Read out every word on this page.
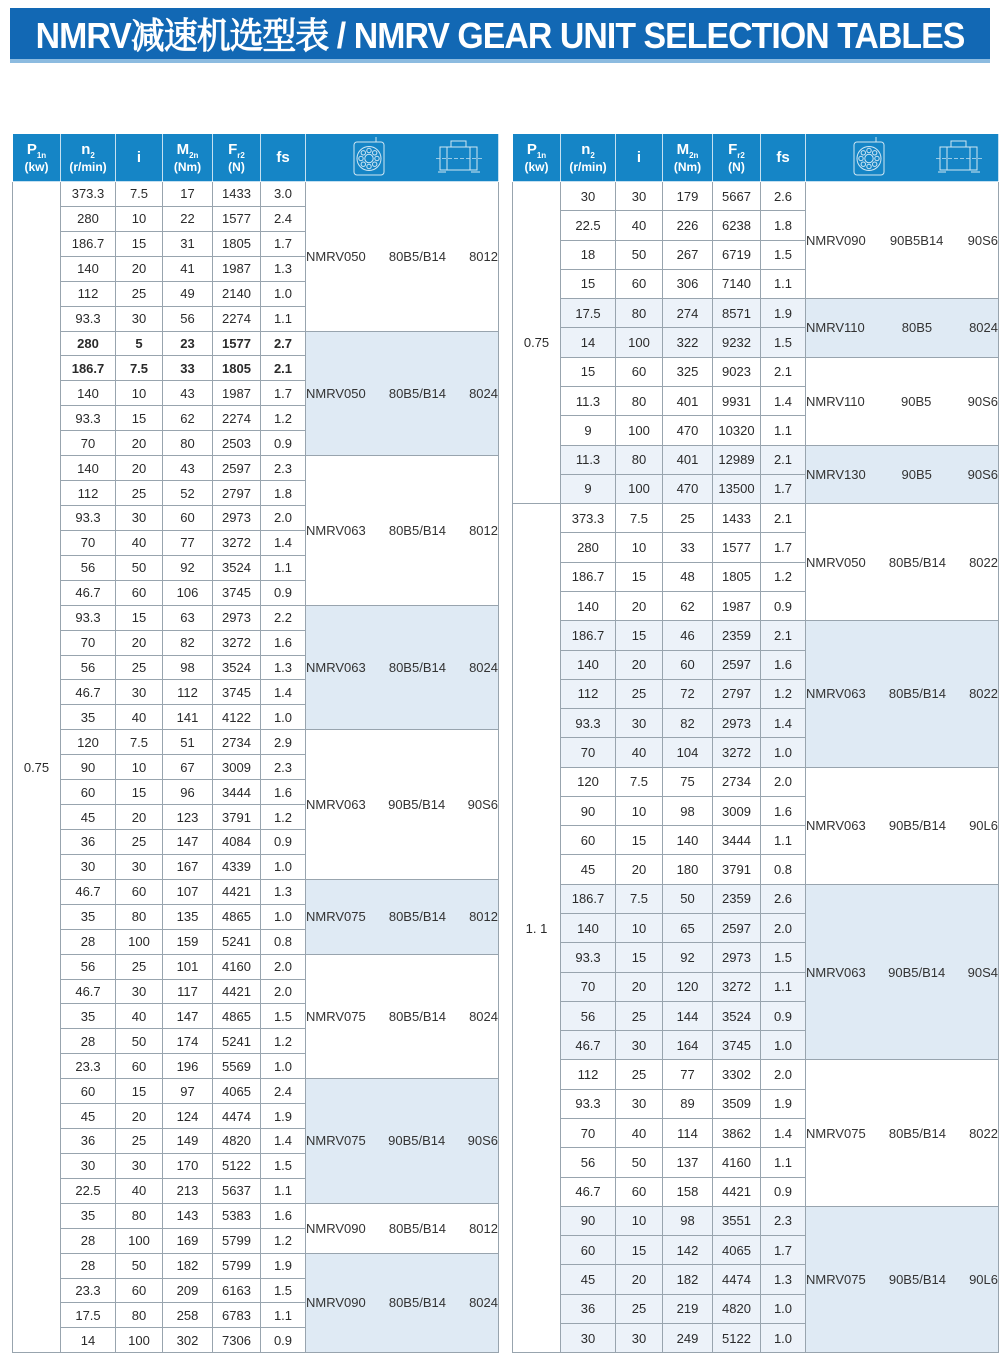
NMRV减速机选型表 / NMRV GEAR UNIT SELECTION TABLES
$P_{1n}$
(kw)

$n_2$
(r/min)

i	$M_{2n}$
(Nm)

$F_{r2}$
(N)

fs

0.75	373.3	7.5	17	1433	3.0	NMRV050 80B5/B14 8012

	280	10	22	1577	2.4	
	186.7	15	31	1805	1.7	
	140	20	41	1987	1.3	
	112	25	49	2140	1.0	
	93.3	30	56	2274	1.1	
	280	5	23	1577	2.7	NMRV050 80B5/B14 8024

	186.7	7.5	33	1805	2.1	
	140	10	43	1987	1.7	
	93.3	15	62	2274	1.2	
	70	20	80	2503	0.9	
	140	20	43	2597	2.3	NMRV063 80B5/B14 8012

	112	25	52	2797	1.8	
	93.3	30	60	2973	2.0	
	70	40	77	3272	1.4	
	56	50	92	3524	1.1	
	46.7	60	106	3745	0.9	
	93.3	15	63	2973	2.2	NMRV063 80B5/B14 8024

	70	20	82	3272	1.6	
	56	25	98	3524	1.3	
	46.7	30	112	3745	1.4	
	35	40	141	4122	1.0	
	120	7.5	51	2734	2.9	NMRV063 90B5/B14 90S6

	90	10	67	3009	2.3	
	60	15	96	3444	1.6	
	45	20	123	3791	1.2	
	36	25	147	4084	0.9	
	30	30	167	4339	1.0	
	46.7	60	107	4421	1.3	NMRV075 80B5/B14 8012

	35	80	135	4865	1.0	
	28	100	159	5241	0.8	
	56	25	101	4160	2.0	NMRV075 80B5/B14 8024

	46.7	30	117	4421	2.0	
	35	40	147	4865	1.5	
	28	50	174	5241	1.2	
	23.3	60	196	5569	1.0	
	60	15	97	4065	2.4	NMRV075 90B5/B14 90S6

	45	20	124	4474	1.9	
	36	25	149	4820	1.4	
	30	30	170	5122	1.5	
	22.5	40	213	5637	1.1	
	35	80	143	5383	1.6	NMRV090 80B5/B14 8012

	28	100	169	5799	1.2	
	28	50	182	5799	1.9	NMRV090 80B5/B14 8024

	23.3	60	209	6163	1.5	
	17.5	80	258	6783	1.1	
	14	100	302	7306	0.9	
$P_{1n}$
(kw)

$n_2$
(r/min)

i	$M_{2n}$
(Nm)

$F_{r2}$
(N)

fs

0.75	30	30	179	5667	2.6	NMRV090 90B5B14 90S6

	22.5	40	226	6238	1.8	
	18	50	267	6719	1.5	
	15	60	306	7140	1.1	
	17.5	80	274	8571	1.9	NMRV110 80B5 8024

	14	100	322	9232	1.5	
	15	60	325	9023	2.1	NMRV110 90B5 90S6

	11.3	80	401	9931	1.4	
	9	100	470	10320	1.1	
	11.3	80	401	12989	2.1	NMRV130 90B5 90S6

	9	100	470	13500	1.7	
1. 1	373.3	7.5	25	1433	2.1	NMRV050 80B5/B14 8022

	280	10	33	1577	1.7	
	186.7	15	48	1805	1.2	
	140	20	62	1987	0.9	
	186.7	15	46	2359	2.1	NMRV063 80B5/B14 8022

	140	20	60	2597	1.6	
	112	25	72	2797	1.2	
	93.3	30	82	2973	1.4	
	70	40	104	3272	1.0	
	120	7.5	75	2734	2.0	NMRV063 90B5/B14 90L6

	90	10	98	3009	1.6	
	60	15	140	3444	1.1	
	45	20	180	3791	0.8	
	186.7	7.5	50	2359	2.6	NMRV063 90B5/B14 90S4

	140	10	65	2597	2.0	
	93.3	15	92	2973	1.5	
	70	20	120	3272	1.1	
	56	25	144	3524	0.9	
	46.7	30	164	3745	1.0	
	112	25	77	3302	2.0	NMRV075 80B5/B14 8022

	93.3	30	89	3509	1.9	
	70	40	114	3862	1.4	
	56	50	137	4160	1.1	
	46.7	60	158	4421	0.9	
	90	10	98	3551	2.3	NMRV075 90B5/B14 90L6

	60	15	142	4065	1.7	
	45	20	182	4474	1.3	
	36	25	219	4820	1.0	
	30	30	249	5122	1.0	
